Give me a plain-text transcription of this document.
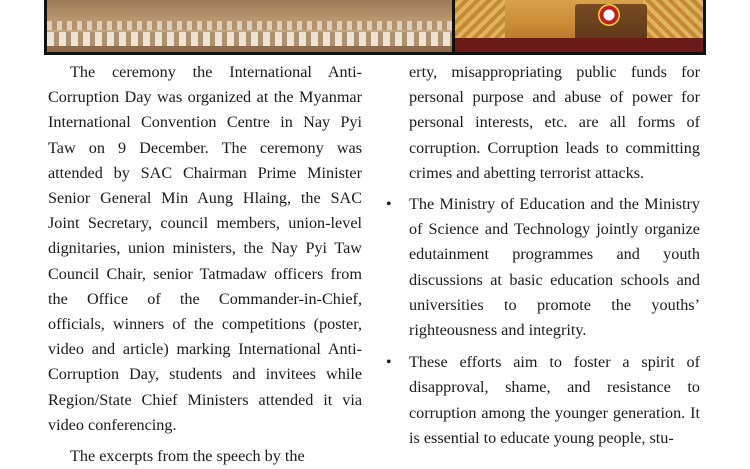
The ceremony the International Anti-Corruption Day was organized at the Myanmar International Convention Centre in Nay Pyi Taw on 9 December. The ceremony was attended by SAC Chairman Prime Minister Senior General Min Aung Hlaing, the SAC Joint Secretary, council members, union-level dignitaries, union ministers, the Nay Pyi Taw Council Chair, senior Tatmadaw officers from the Office of the Commander-in-Chief, officials, winners of the competitions (poster, video and article) marking International Anti-Corruption Day, students and invitees while Region/State Chief Ministers attended it via video conferencing.

The excerpts from the speech by the

erty, misappropriating public funds for personal purpose and abuse of power for personal interests, etc. are all forms of corruption. Corruption leads to committing crimes and abetting terrorist attacks.

• The Ministry of Education and the Ministry of Science and Technology jointly organize edutainment programmes and youth discussions at basic education schools and universities to promote the youths’ righteousness and integrity.
• These efforts aim to foster a spirit of disapproval, shame, and resistance to corruption among the younger generation. It is essential to educate young people, stu-
